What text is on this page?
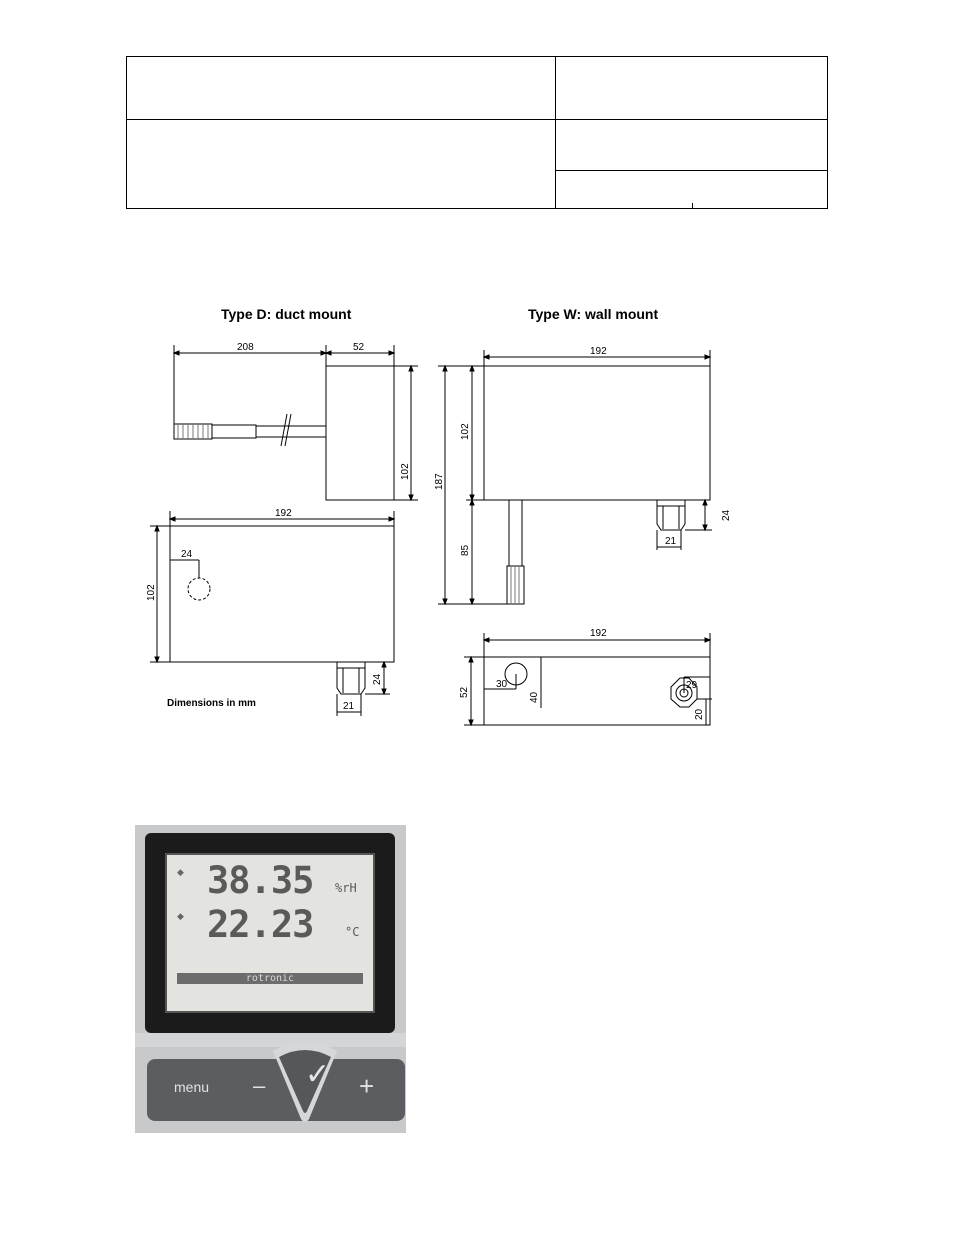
Type D: duct mount	Type W: wall mount
208	52
102
192
102
24
24
21
Dimensions in mm
192
102
187
85
24
21
192
52
30
40
29
20
◆ 38.35 %rH
◆ 22.23	°C
rotronic
menu –	+
✓
